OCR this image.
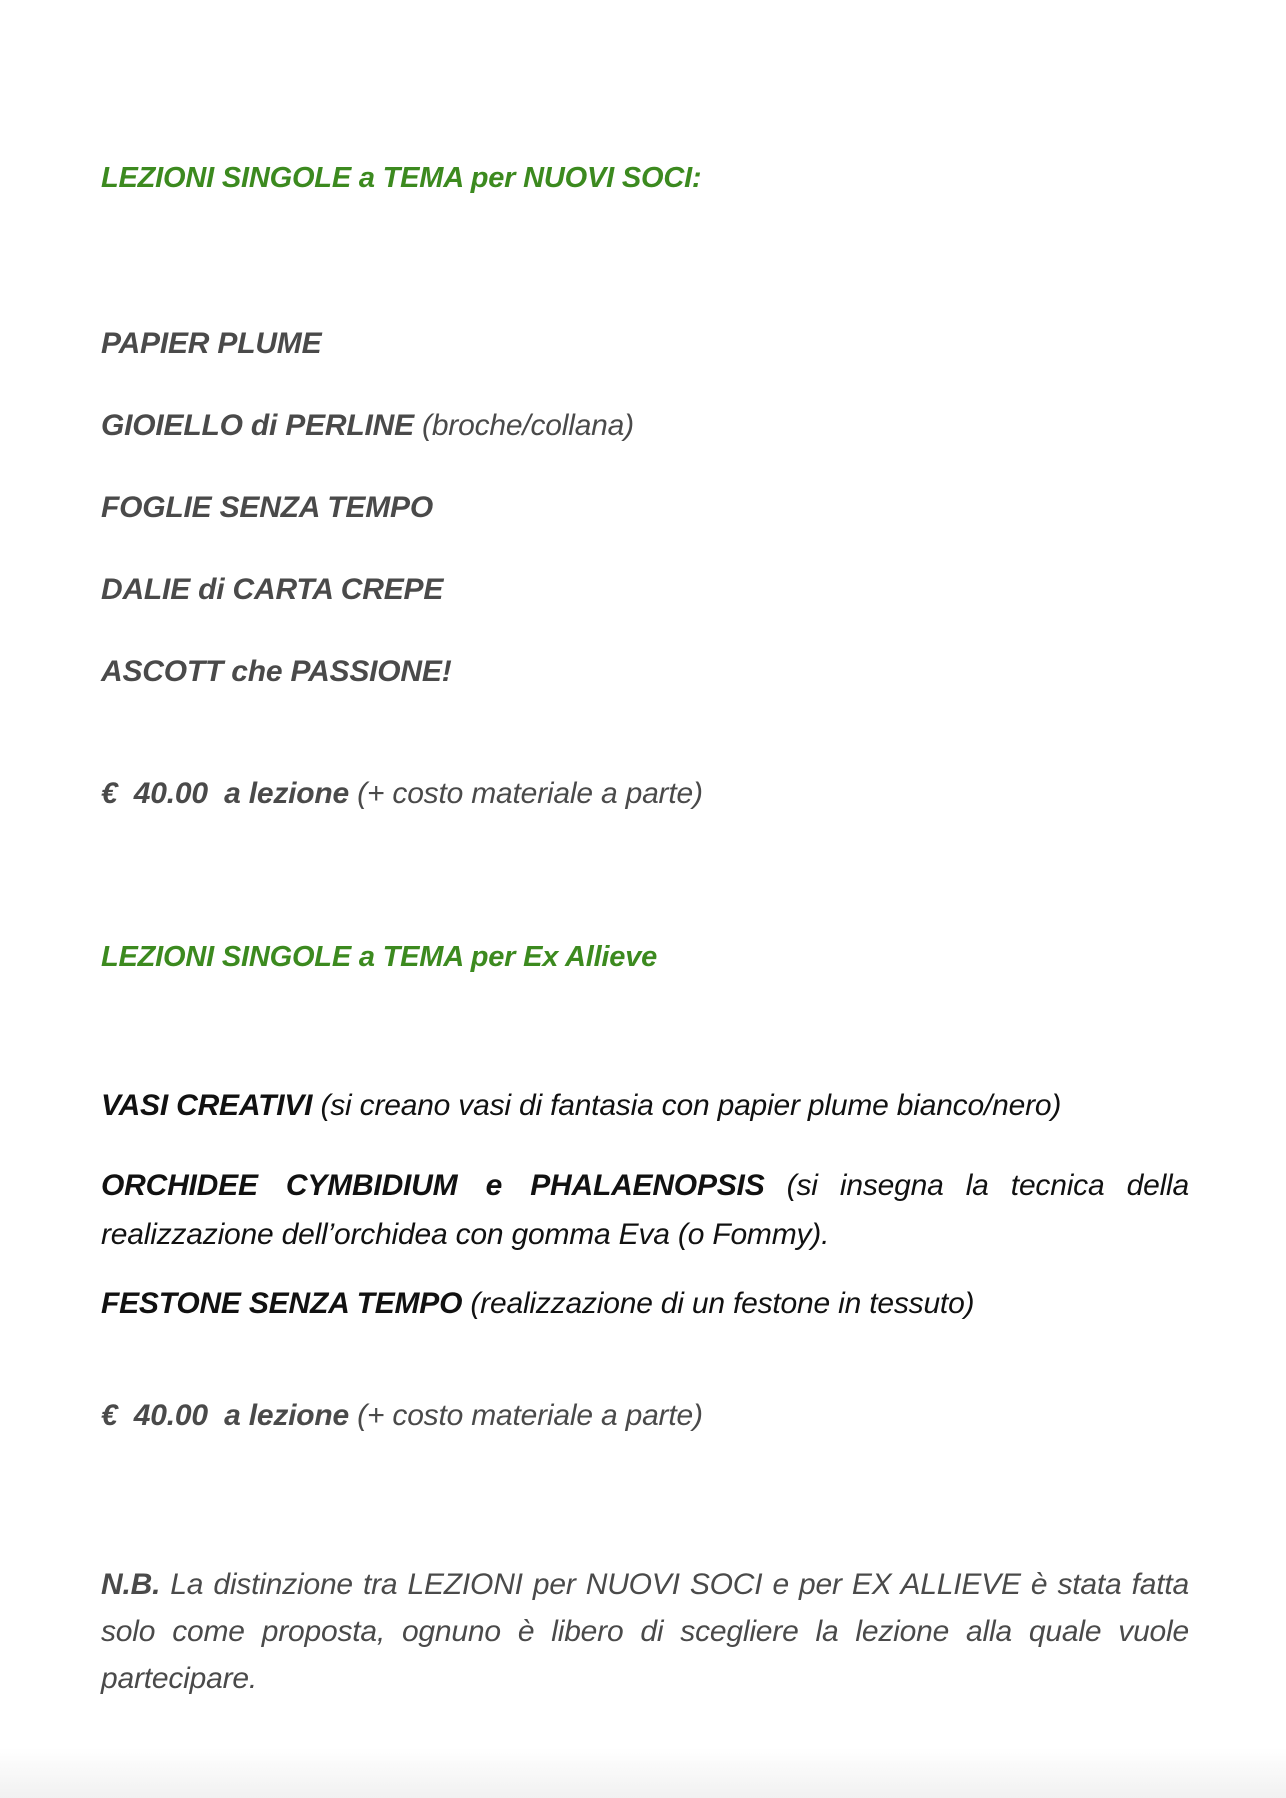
LEZIONI SINGOLE a TEMA per NUOVI SOCI:

PAPIER PLUME

GIOIELLO di PERLINE (broche/collana)

FOGLIE SENZA TEMPO

DALIE di CARTA CREPE

ASCOTT che PASSIONE!

€  40.00  a lezione (+ costo materiale a parte)

LEZIONI SINGOLE a TEMA per Ex Allieve

VASI CREATIVI (si creano vasi di fantasia con papier plume bianco/nero)

ORCHIDEE CYMBIDIUM e PHALAENOPSIS (si insegna la tecnica della realizzazione dell’orchidea con gomma Eva (o Fommy).

FESTONE SENZA TEMPO (realizzazione di un festone in tessuto)

€  40.00  a lezione (+ costo materiale a parte)

N.B. La distinzione tra LEZIONI per NUOVI SOCI e per EX ALLIEVE è stata fatta solo come proposta, ognuno è libero di scegliere la lezione alla quale vuole partecipare.
